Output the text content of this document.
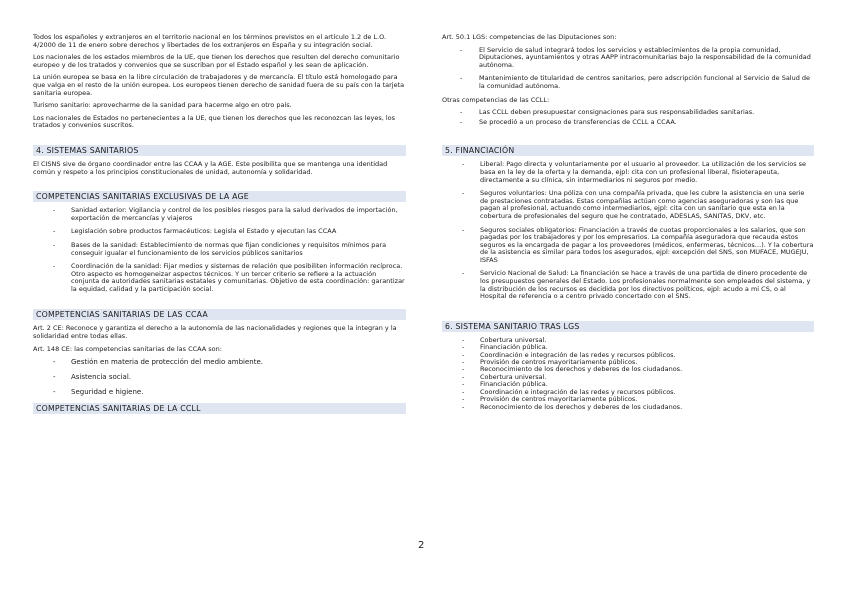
Todos los españoles y extranjeros en el territorio nacional en los términos previstos en el artículo 1.2 de L.O. 4/2000 de 11 de enero sobre derechos y libertades de los extranjeros en España y su integración social.

Los nacionales de los estados miembros de la UE, que tienen los derechos que resulten del derecho comunitario europeo y de los tratados y convenios que se suscriban por el Estado español y les sean de aplicación.

La unión europea se basa en la libre circulación de trabajadores y de mercancía. El título está homologado para que valga en el resto de la unión europea. Los europeos tienen derecho de sanidad fuera de su país con la tarjeta sanitaria europea.

Turismo sanitario: aprovecharme de la sanidad para hacerme algo en otro país.

Los nacionales de Estados no pertenecientes a la UE, que tienen los derechos que les reconozcan las leyes, los tratados y convenios suscritos.

4. SISTEMAS SANITARIOS

El CISNS sive de órgano coordinador entre las CCAA y la AGE. Este posibilita que se mantenga una identidad común y respeto a los principios constitucionales de unidad, autonomía y solidaridad.

COMPETENCIAS SANITARIAS EXCLUSIVAS DE LA AGE
- Sanidad exterior: Vigilancia y control de los posibles riesgos para la salud derivados de importación, exportación de mercancías y viajeros
- Legislación sobre productos farmacéuticos: Legisla el Estado y ejecutan las CCAA
- Bases de la sanidad: Establecimiento de normas que fijan condiciones y requisitos mínimos para conseguir igualar el funcionamiento de los servicios públicos sanitarios
- Coordinación de la sanidad: Fijar medios y sistemas de relación que posibiliten información recíproca. Otro aspecto es homogeneizar aspectos técnicos. Y un tercer criterio se refiere a la actuación conjunta de autoridades sanitarias estatales y comunitarias. Objetivo de esta coordinación: garantizar la equidad, calidad y la participación social.
COMPETENCIAS SANITARIAS DE LAS CCAA

Art. 2 CE: Reconoce y garantiza el derecho a la autonomía de las nacionalidades y regiones que la integran y la solidaridad entre todas ellas.

Art. 148 CE: las competencias sanitarias de las CCAA son:

- Gestión en materia de protección del medio ambiente.
- Asistencia social.
- Seguridad e higiene.
COMPETENCIAS SANITARIAS DE LA CCLL

Art. 50.1 LGS: competencias de las Diputaciones son:

- El Servicio de salud integrará todos los servicios y establecimientos de la propia comunidad, Diputaciones, ayuntamientos y otras AAPP intracomunitarias bajo la responsabilidad de la comunidad autónoma.
- Mantenimiento de titularidad de centros sanitarios, pero adscripción funcional al Servicio de Salud de la comunidad autónoma.

Otras competencias de las CCLL:

- Las CCLL deben presupuestar consignaciones para sus responsabilidades sanitarias.
- Se procedió a un proceso de transferencias de CCLL a CCAA.
5. FINANCIACIÓN
- Liberal: Pago directa y voluntariamente por el usuario al proveedor. La utilización de los servicios se basa en la ley de la oferta y la demanda, ejpl: cita con un profesional liberal, fisioterapeuta, directamente a su clínica, sin intermediarios ni seguros por medio.
- Seguros voluntarios: Una póliza con una compañía privada, que les cubre la asistencia en una serie de prestaciones contratadas. Estas compañías actúan como agencias aseguradoras y son las que pagan al profesional, actuando como intermediarios, ejpl: cita con un sanitario que esta en la cobertura de profesionales del seguro que he contratado, ADESLAS, SANITAS, DKV, etc.
- Seguros sociales obligatorios: Financiación a través de cuotas proporcionales a los salarios, que son pagadas por los trabajadores y por los empresarios. La compañía aseguradora que recauda estos seguros es la encargada de pagar a los proveedores (médicos, enfermeras, técnicos…). Y la cobertura de la asistencia es similar para todos los asegurados, ejpl: excepción del SNS, son MUFACE, MUGEJU, ISFAS
- Servicio Nacional de Salud: La financiación se hace a través de una partida de dinero procedente de los presupuestos generales del Estado. Los profesionales normalmente son empleados del sistema, y la distribución de los recursos es decidida por los directivos políticos, ejpl: acudo a mi CS, o al Hospital de referencia o a centro privado concertado con el SNS.
6. SISTEMA SANITARIO TRAS LGS
- Cobertura universal.
- Financiación pública.
- Coordinación e integración de las redes y recursos públicos.
- Provisión de centros mayoritariamente públicos.
- Reconocimiento de los derechos y deberes de los ciudadanos.
- Cobertura universal.
- Financiación pública.
- Coordinación e integración de las redes y recursos públicos.
- Provisión de centros mayoritariamente públicos.
- Reconocimiento de los derechos y deberes de los ciudadanos.
2
